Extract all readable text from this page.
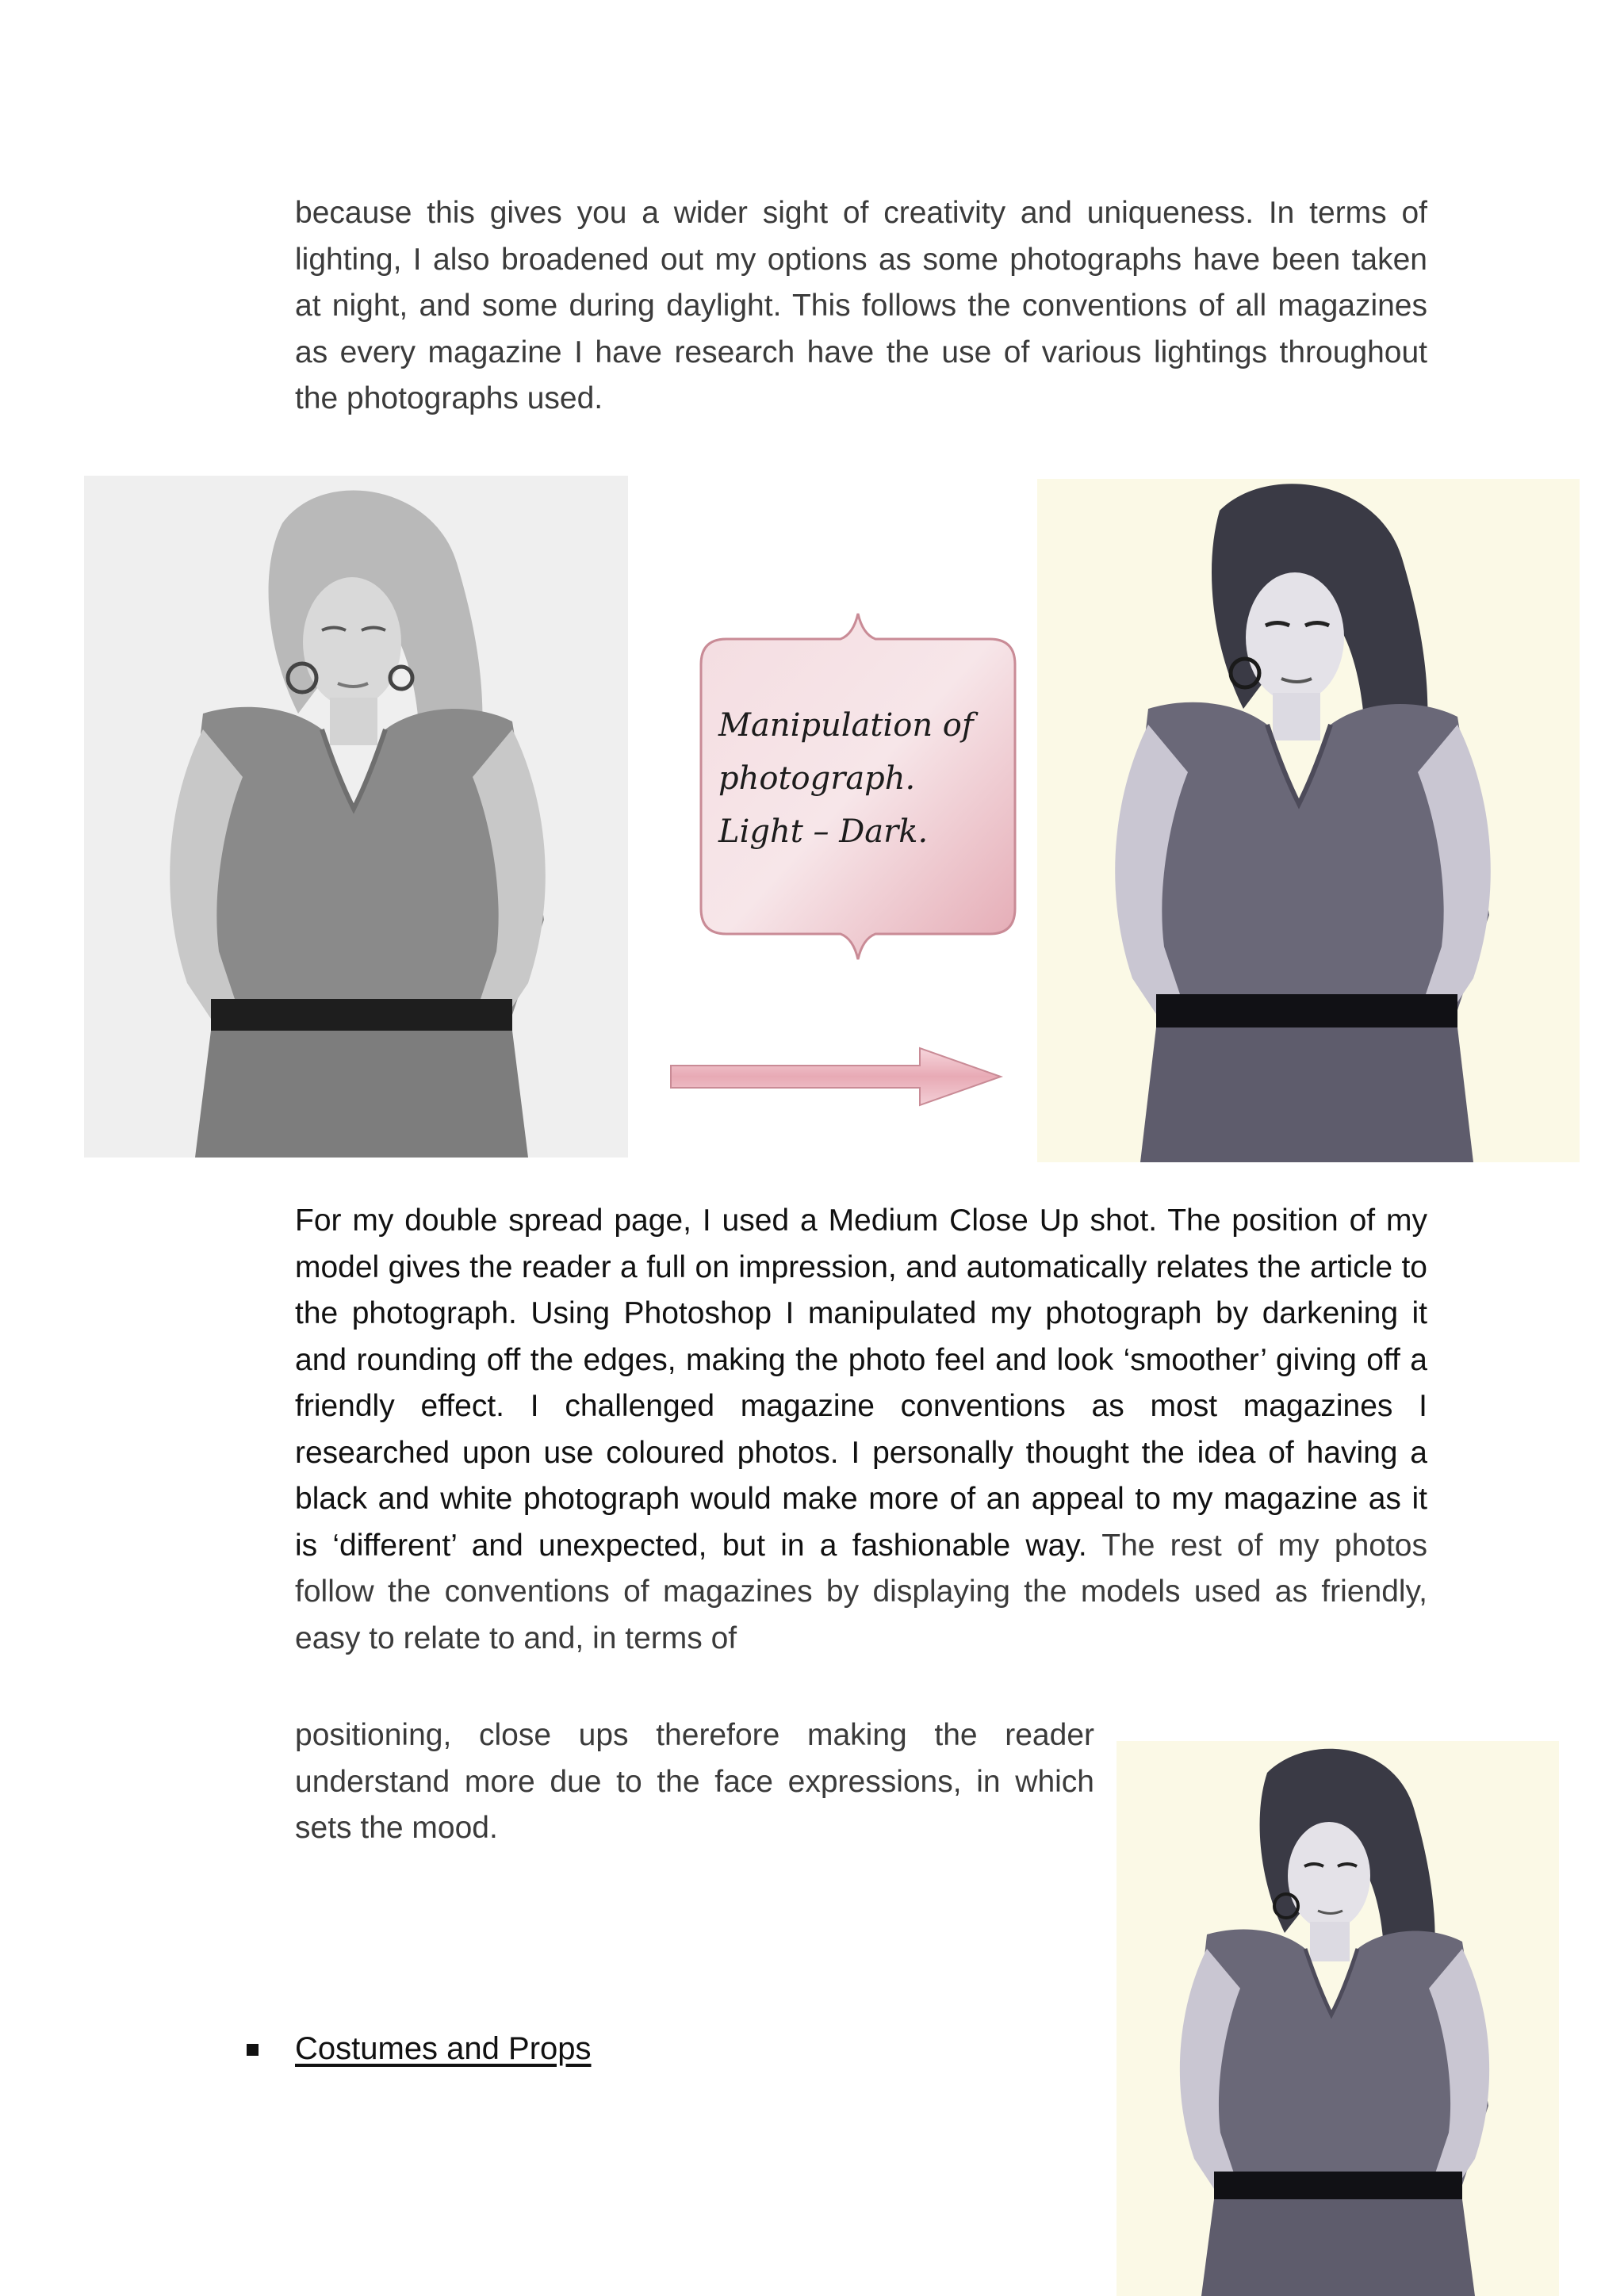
because this gives you a wider sight of creativity and uniqueness. In terms of lighting, I also broadened out my options as some photographs have been taken at night, and some during daylight. This follows the conventions of all magazines as every magazine I have research have the use of various lightings throughout the photographs used.

Manipulation of
photograph.
Light – Dark.

For my double spread page, I used a Medium Close Up shot. The position of my model gives the reader a full on impression, and automatically relates the article to the photograph. Using Photoshop I manipulated my photograph by darkening it and rounding off the edges, making the photo feel and look ‘smoother’ giving off a friendly effect. I challenged magazine conventions as most magazines I researched upon use coloured photos. I personally thought the idea of having a black and white photograph would make more of an appeal to my magazine as it is ‘different’ and unexpected, but in a fashionable way. The rest of my photos follow the conventions of magazines by displaying the models used as friendly, easy to relate to and, in terms of

positioning, close ups therefore making the reader understand more due to the face expressions, in which sets the mood.

Costumes and Props
